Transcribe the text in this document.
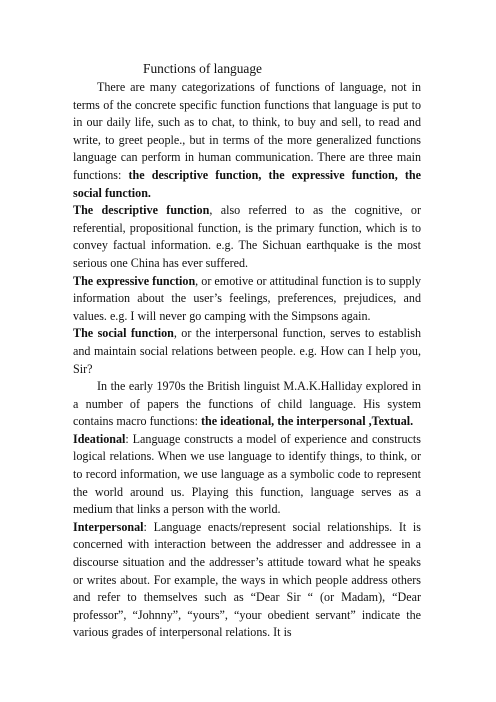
Functions of language

There are many categorizations of functions of language, not in terms of the concrete specific function functions that language is put to in our daily life, such as to chat, to think, to buy and sell, to read and write, to greet people., but in terms of the more generalized functions language can perform in human communication. There are three main functions: the descriptive function, the expressive function, the social function.

The descriptive function, also referred to as the cognitive, or referential, propositional function, is the primary function, which is to convey factual information. e.g. The Sichuan earthquake is the most serious one China has ever suffered.

The expressive function, or emotive or attitudinal function is to supply information about the user’s feelings, preferences, prejudices, and values. e.g. I will never go camping with the Simpsons again.

The social function, or the interpersonal function, serves to establish and maintain social relations between people. e.g. How can I help you, Sir?

In the early 1970s the British linguist M.A.K.Halliday explored in a number of papers the functions of child language. His system contains macro functions: the ideational, the interpersonal ,Textual.

Ideational: Language constructs a model of experience and constructs logical relations. When we use language to identify things, to think, or to record information, we use language as a symbolic code to represent the world around us. Playing this function, language serves as a medium that links a person with the world.

Interpersonal: Language enacts/represent social relationships. It is concerned with interaction between the addresser and addressee in a discourse situation and the addresser’s attitude toward what he speaks or writes about. For example, the ways in which people address others and refer to themselves such as “Dear Sir “ (or Madam), “Dear professor”, “Johnny”, “yours”, “your obedient servant” indicate the various grades of interpersonal relations. It is
